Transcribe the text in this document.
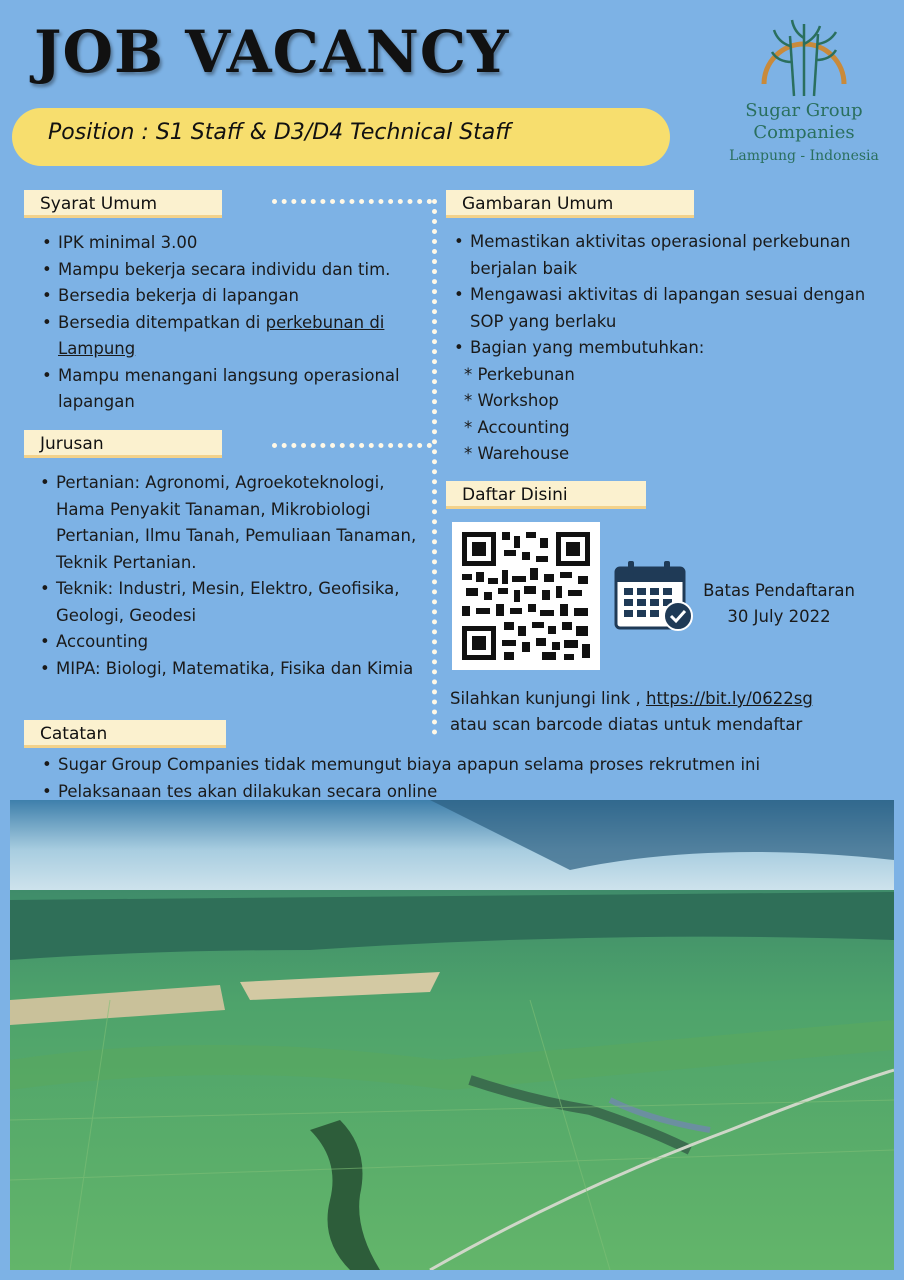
JOB VACANCY
Position : S1 Staff & D3/D4 Technical Staff
Sugar Group
Companies
Lampung - Indonesia
Syarat Umum
• IPK minimal 3.00
• Mampu bekerja secara individu dan tim.
• Bersedia bekerja di lapangan
• Bersedia ditempatkan di perkebunan di
Lampung
• Mampu menangani langsung operasional lapangan
Jurusan
• Pertanian: Agronomi, Agroekoteknologi, Hama Penyakit Tanaman, Mikrobiologi Pertanian, Ilmu Tanah, Pemuliaan Tanaman, Teknik Pertanian.
• Teknik: Industri, Mesin, Elektro, Geofisika, Geologi, Geodesi
• Accounting
• MIPA: Biologi, Matematika, Fisika dan Kimia
Gambaran Umum
• Memastikan aktivitas operasional perkebunan berjalan baik
• Mengawasi aktivitas di lapangan sesuai dengan SOP yang berlaku
• Bagian yang membutuhkan:
* Perkebunan
* Workshop
* Accounting
* Warehouse
Daftar Disini
Batas Pendaftaran
30 July 2022
Silahkan kunjungi link , https://bit.ly/0622sg
atau scan barcode diatas untuk mendaftar
Catatan
• Sugar Group Companies tidak memungut biaya apapun selama proses rekrutmen ini
• Pelaksanaan tes akan dilakukan secara online
